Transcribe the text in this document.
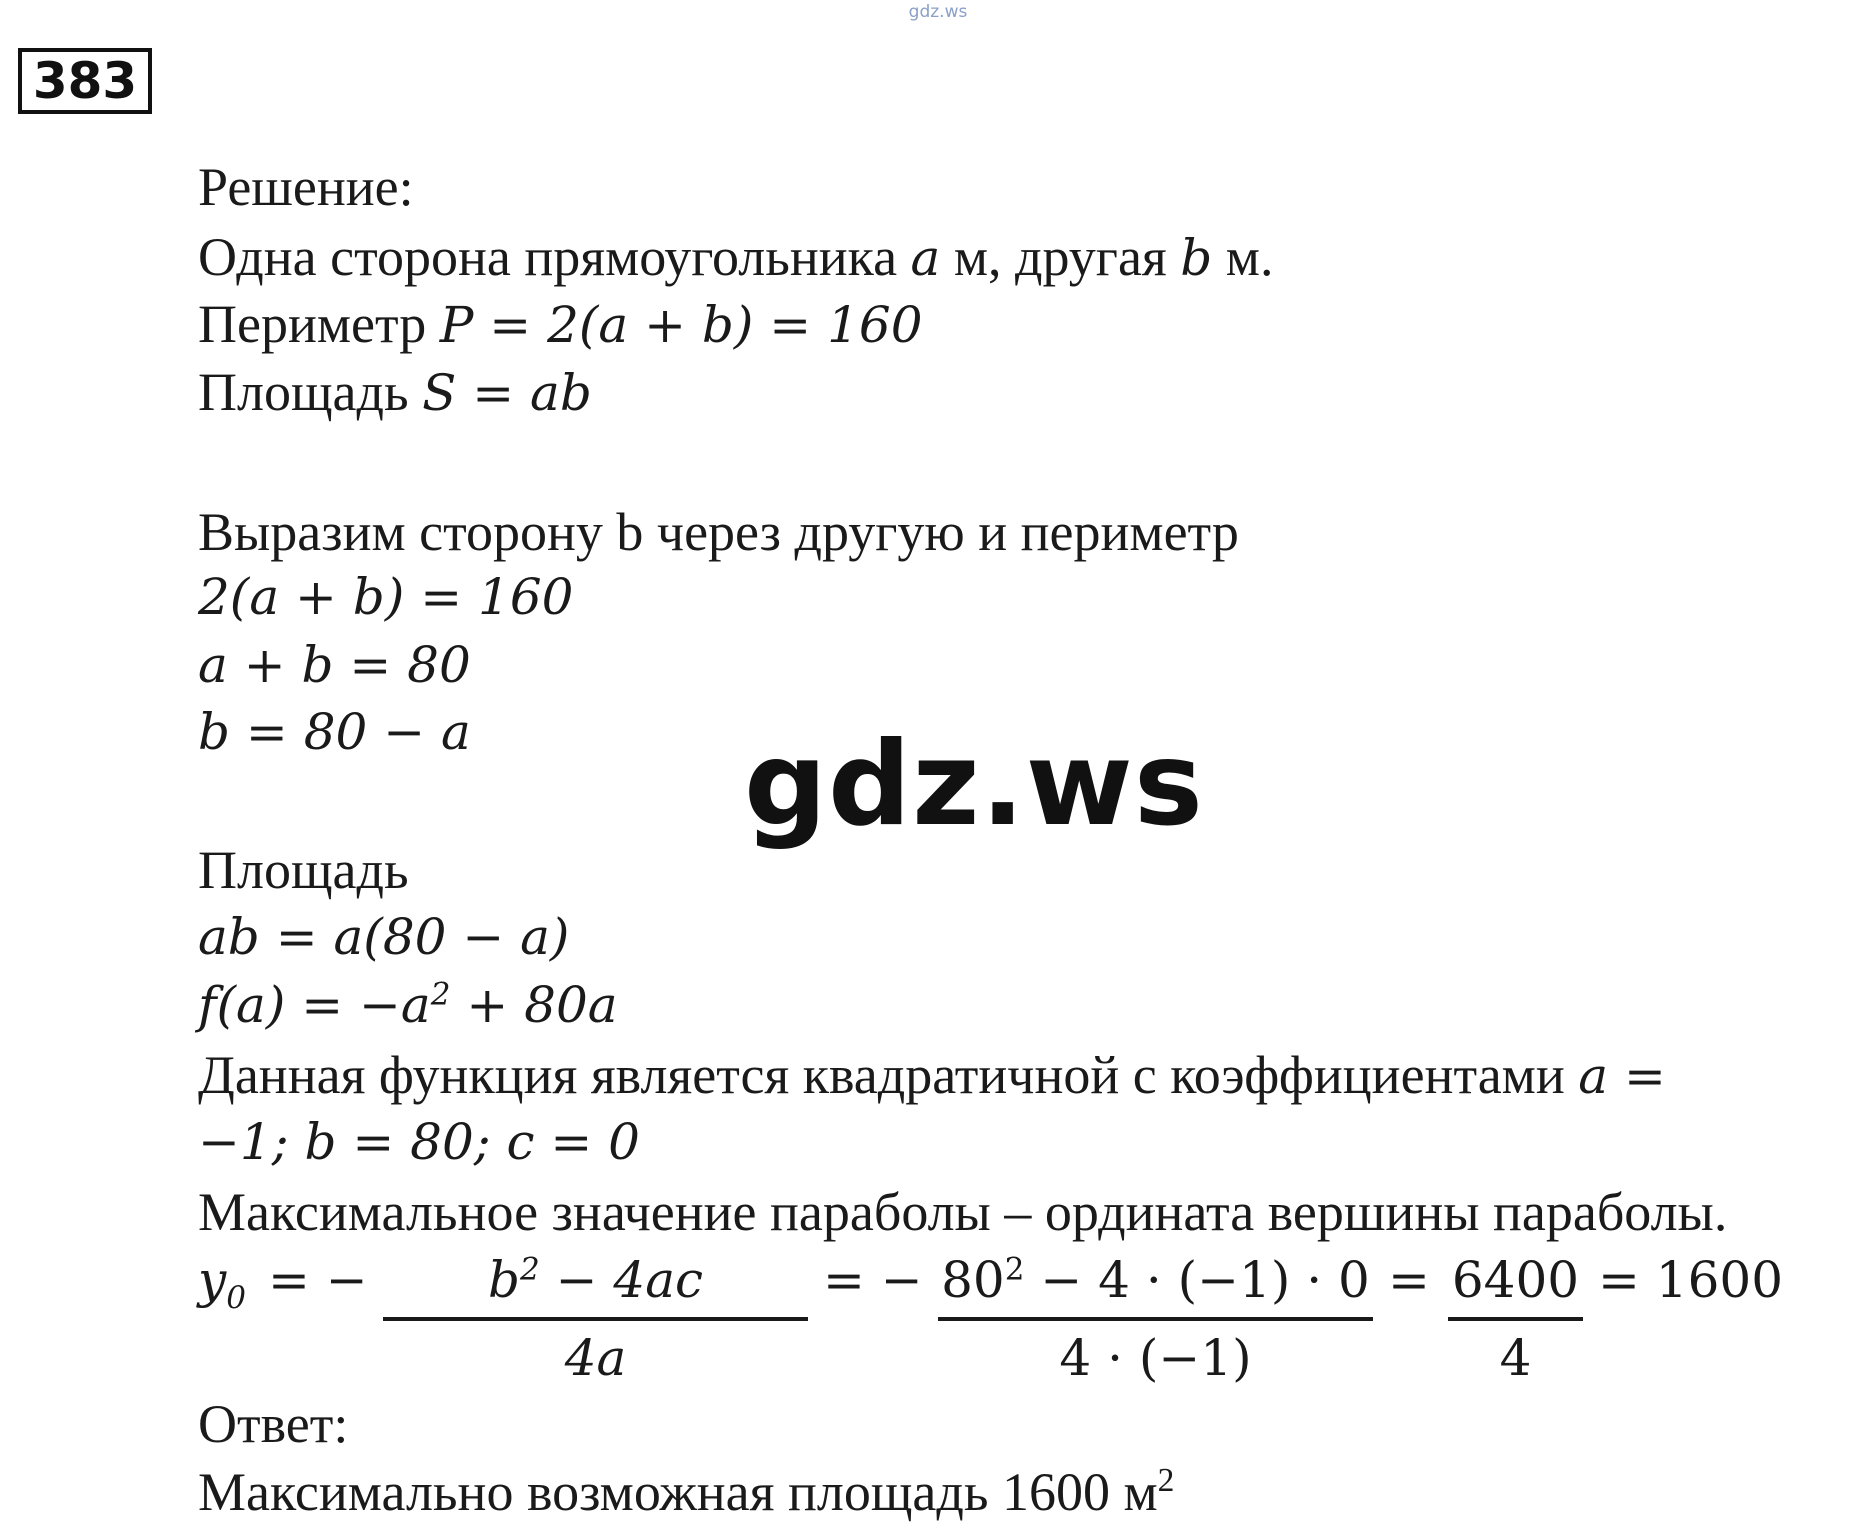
gdz.ws
383
Решение:
Одна сторона прямоугольника a м, другая b м.
Периметр P = 2(a + b) = 160
Площадь S = ab
Выразим сторону b через другую и периметр
2(a + b) = 160
a + b = 80
b = 80 − a gdz.ws
Площадь
ab = a(80 − a)
$f(a) = -a^2 + 80a$
Данная функция является квадратичной с коэффициентами a =
−1; b = 80; c = 0
Максимальное значение параболы – ордината вершины параболы.
$y_0$ = −	$b^2 - 4ac$
4a
= − $80^2 - 4 \cdot (-1) \cdot 0$
4 · (−1)
= 6400
4
= 1600
Ответ:
Максимально возможная площадь 1600 $м^2$
